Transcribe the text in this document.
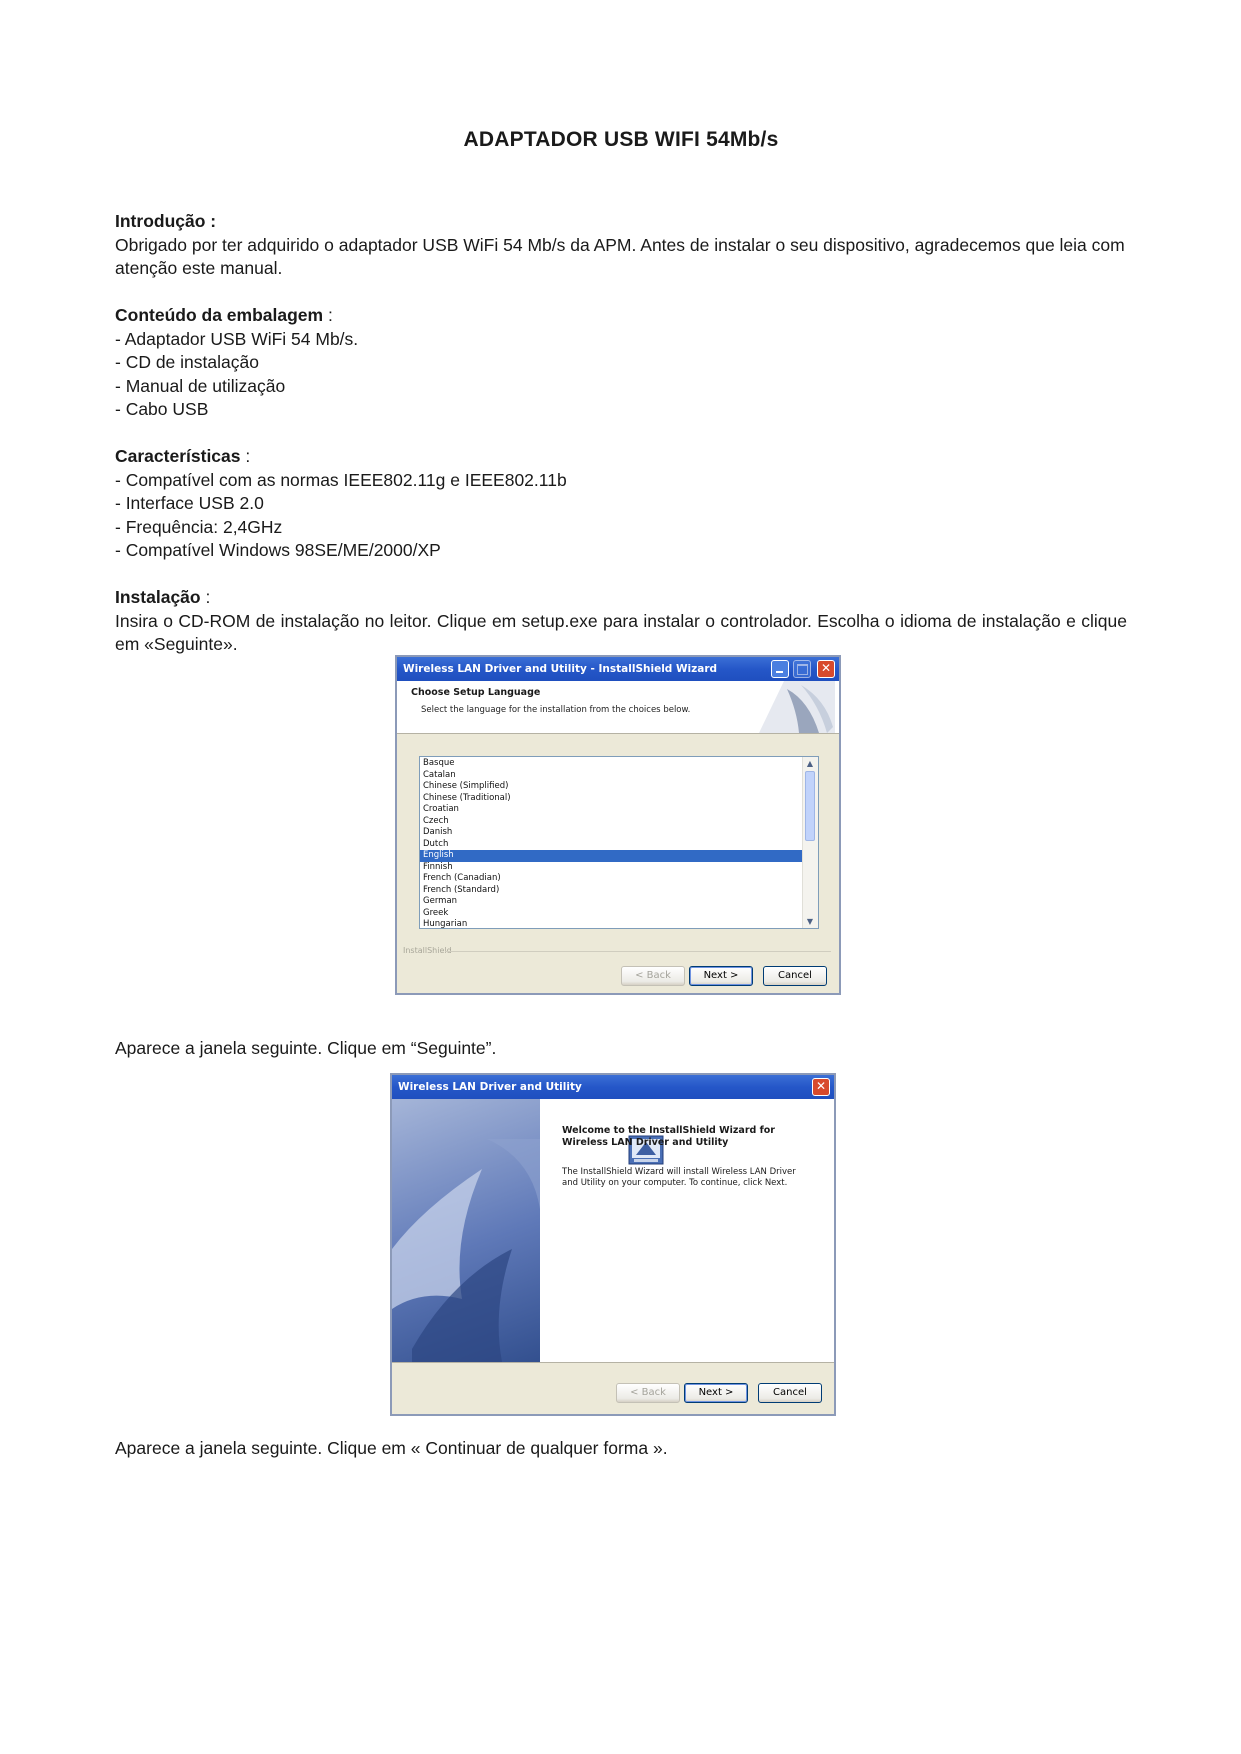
ADAPTADOR USB WIFI 54Mb/s
Introdução :
Obrigado por ter adquirido o adaptador USB WiFi 54 Mb/s da APM. Antes de instalar o seu dispositivo, agradecemos que leia com atenção este manual.
Conteúdo da embalagem :
- Adaptador USB WiFi 54 Mb/s.
- CD de instalação
- Manual de utilização
- Cabo USB
Características :
- Compatível com as normas IEEE802.11g e IEEE802.11b
- Interface USB 2.0
- Frequência: 2,4GHz
- Compatível Windows 98SE/ME/2000/XP
Instalação :
Insira o CD-ROM de instalação no leitor. Clique em setup.exe para instalar o controlador. Escolha o idioma de instalação e clique em «Seguinte».
Aparece a janela seguinte. Clique em “Seguinte”.
Aparece a janela seguinte. Clique em « Continuar de qualquer forma ».
Wireless LAN Driver and Utility - InstallShield Wizard	✕
Choose Setup Language
Select the language for the installation from the choices below.
Basque
Catalan
Chinese (Simplified)
Chinese (Traditional)
Croatian
Czech
Danish
Dutch
English
Finnish
French (Canadian)
French (Standard)
German
Greek
Hungarian
▲
▼
InstallShield
< Back	Next >	Cancel
Wireless LAN Driver and Utility	✕
Welcome to the InstallShield Wizard for Wireless LAN Driver and Utility
The InstallShield Wizard will install Wireless LAN Driver and Utility on your computer. To continue, click Next.
< Back	Next >	Cancel
